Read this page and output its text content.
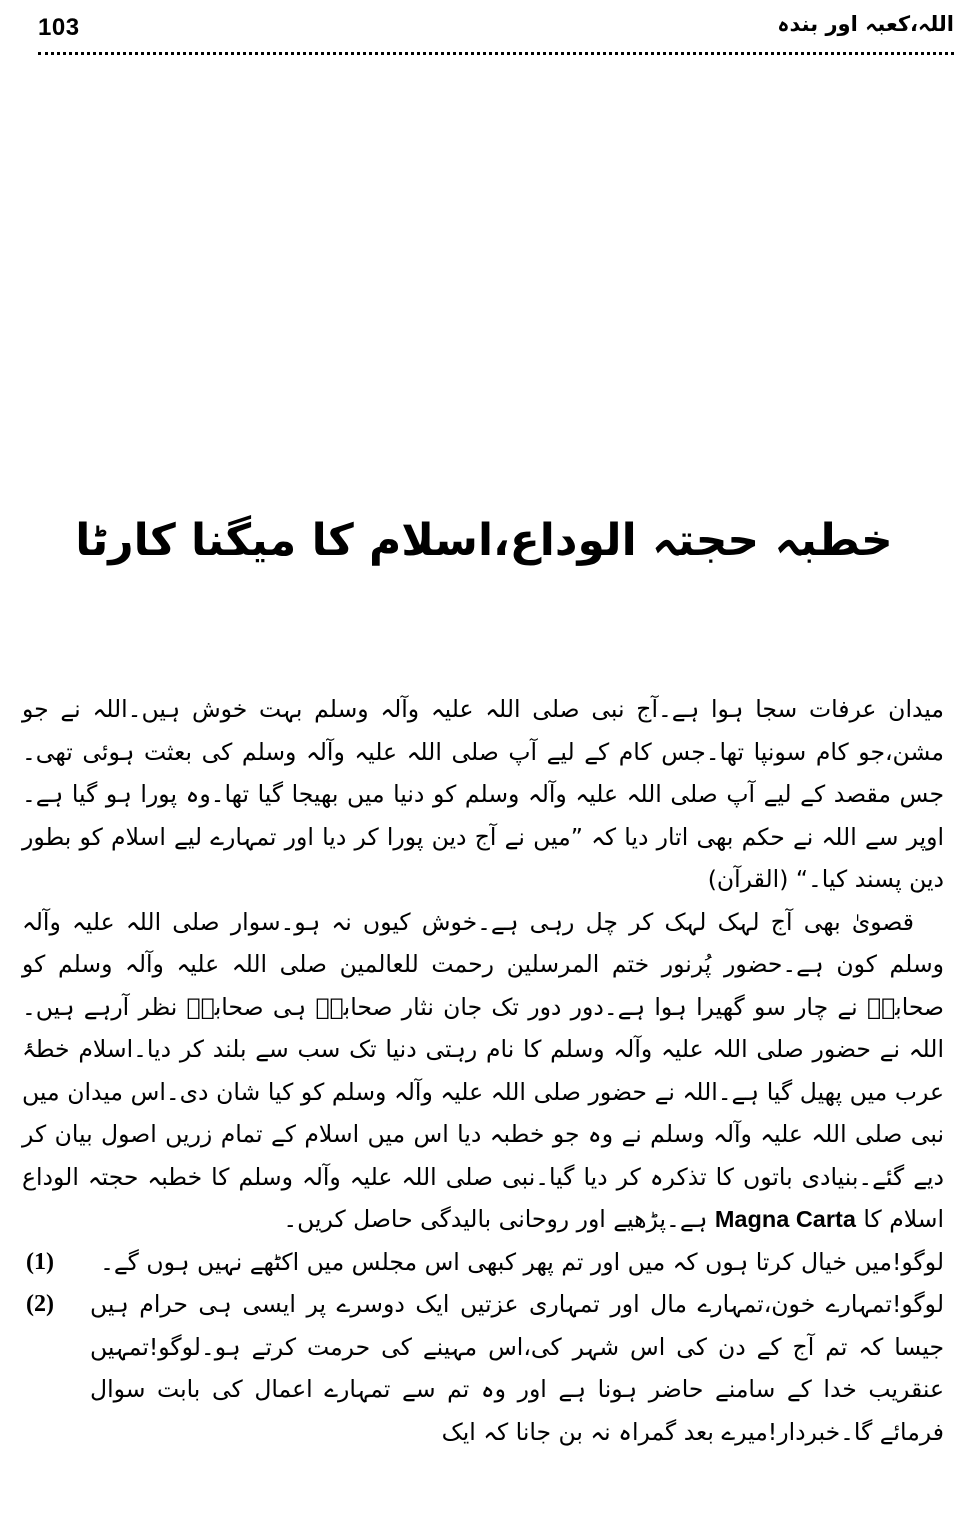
103	اللہ،کعبہ اور بندہ
خطبہ حجتہ الوداع،اسلام کا میگنا کارٹا

میدان عرفات سجا ہوا ہے۔آج نبی صلی اللہ علیہ وآلہ وسلم بہت خوش ہیں۔اللہ نے جو مشن،جو کام سونپا تھا۔جس کام کے لیے آپ صلی اللہ علیہ وآلہ وسلم کی بعثت ہوئی تھی۔جس مقصد کے لیے آپ صلی اللہ علیہ وآلہ وسلم کو دنیا میں بھیجا گیا تھا۔وہ پورا ہو گیا ہے۔اوپر سے اللہ نے حکم بھی اتار دیا کہ ”میں نے آج دین پورا کر دیا اور تمہارے لیے اسلام کو بطور دین پسند کیا۔“ (القرآن)

قصویٰ بھی آج لہک لہک کر چل رہی ہے۔خوش کیوں نہ ہو۔سوار صلی اللہ علیہ وآلہ وسلم کون ہے۔حضور پُرنور ختم المرسلین رحمت للعالمین صلی اللہ علیہ وآلہ وسلم کو صحابہؓ نے چار سو گھیرا ہوا ہے۔دور دور تک جان نثار صحابہؓ ہی صحابہؓ نظر آرہے ہیں۔اللہ نے حضور صلی اللہ علیہ وآلہ وسلم کا نام رہتی دنیا تک سب سے بلند کر دیا۔اسلام خطۂ عرب میں پھیل گیا ہے۔اللہ نے حضور صلی اللہ علیہ وآلہ وسلم کو کیا شان دی۔اس میدان میں نبی صلی اللہ علیہ وآلہ وسلم نے وہ جو خطبہ دیا اس میں اسلام کے تمام زریں اصول بیان کر دیے گئے۔بنیادی باتوں کا تذکرہ کر دیا گیا۔نبی صلی اللہ علیہ وآلہ وسلم کا خطبہ حجتہ الوداع اسلام کا Magna Carta ہے۔پڑھیے اور روحانی بالیدگی حاصل کریں۔

لوگو!میں خیال کرتا ہوں کہ میں اور تم پھر کبھی اس مجلس میں اکٹھے نہیں ہوں گے۔
(1)
لوگو!تمہارے خون،تمہارے مال اور تمہاری عزتیں ایک دوسرے پر ایسی ہی حرام ہیں جیسا کہ تم آج کے دن کی اس شہر کی،اس مہینے کی حرمت کرتے ہو۔لوگو!تمہیں عنقریب خدا کے سامنے حاضر ہونا ہے اور وہ تم سے تمہارے اعمال کی بابت سوال فرمائے گا۔خبردار!میرے بعد گمراہ نہ بن جانا کہ ایک
(2)
